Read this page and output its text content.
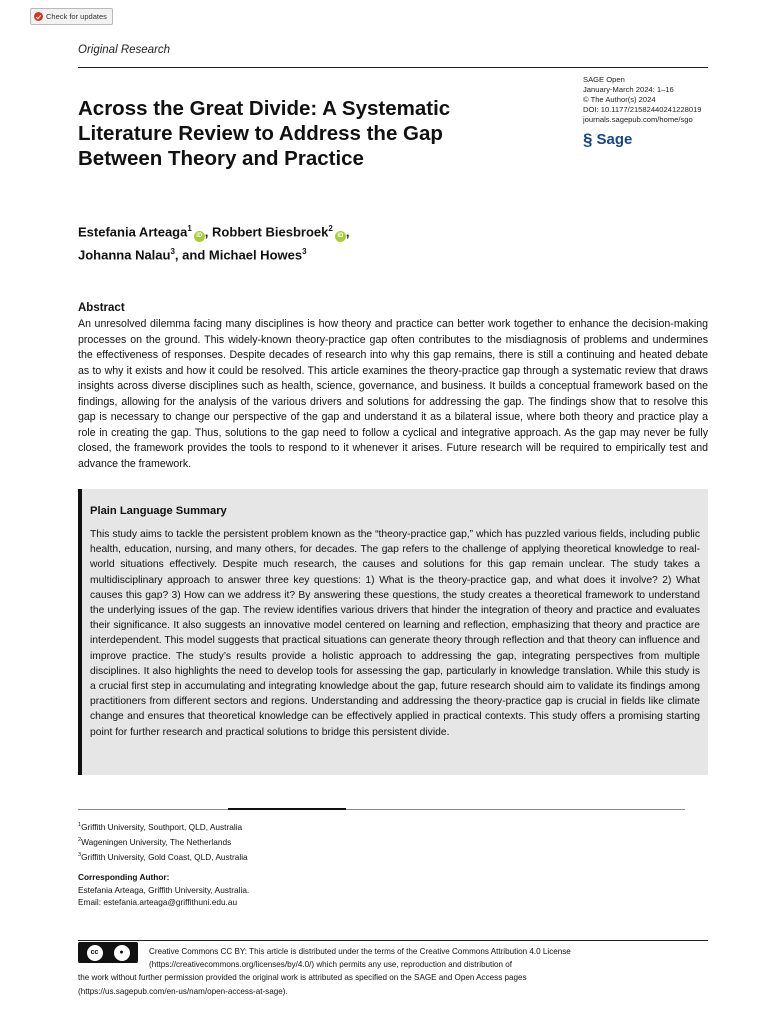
Check for updates
Original Research
SAGE Open
January-March 2024: 1–16
© The Author(s) 2024
DOI: 10.1177/21582440241228019
journals.sagepub.com/home/sgo
§ Sage
Across the Great Divide: A Systematic Literature Review to Address the Gap Between Theory and Practice
Estefania Arteaga$^1$iD , Robbert Biesbroek$^2$iD ,
Johanna Nalau$^3$, and Michael Howes$^3$
Abstract

An unresolved dilemma facing many disciplines is how theory and practice can better work together to enhance the decision-making processes on the ground. This widely-known theory-practice gap often contributes to the misdiagnosis of problems and undermines the effectiveness of responses. Despite decades of research into why this gap remains, there is still a continuing and heated debate as to why it exists and how it could be resolved. This article examines the theory-practice gap through a systematic review that draws insights across diverse disciplines such as health, science, governance, and business. It builds a conceptual framework based on the findings, allowing for the analysis of the various drivers and solutions for addressing the gap. The findings show that to resolve this gap is necessary to change our perspective of the gap and understand it as a bilateral issue, where both theory and practice play a role in creating the gap. Thus, solutions to the gap need to follow a cyclical and integrative approach. As the gap may never be fully closed, the framework provides the tools to respond to it whenever it arises. Future research will be required to empirically test and advance the framework.

Plain Language Summary

This study aims to tackle the persistent problem known as the “theory-practice gap,” which has puzzled various fields, including public health, education, nursing, and many others, for decades. The gap refers to the challenge of applying theoretical knowledge to real-world situations effectively. Despite much research, the causes and solutions for this gap remain unclear. The study takes a multidisciplinary approach to answer three key questions: 1) What is the theory-practice gap, and what does it involve? 2) What causes this gap? 3) How can we address it? By answering these questions, the study creates a theoretical framework to understand the underlying issues of the gap. The review identifies various drivers that hinder the integration of theory and practice and evaluates their significance. It also suggests an innovative model centered on learning and reflection, emphasizing that theory and practice are interdependent. This model suggests that practical situations can generate theory through reflection and that theory can influence and improve practice. The study’s results provide a holistic approach to addressing the gap, integrating perspectives from multiple disciplines. It also highlights the need to develop tools for assessing the gap, particularly in knowledge translation. While this study is a crucial first step in accumulating and integrating knowledge about the gap, future research should aim to validate its findings among practitioners from different sectors and regions. Understanding and addressing the theory-practice gap is crucial in fields like climate change and ensures that theoretical knowledge can be effectively applied in practical contexts. This study offers a promising starting point for further research and practical solutions to bridge this persistent divide.

$^1$Griffith University, Southport, QLD, Australia
$^2$Wageningen University, The Netherlands
$^3$Griffith University, Gold Coast, QLD, Australia
Corresponding Author:
Estefania Arteaga, Griffith University, Australia.
Email: estefania.arteaga@griffithuni.edu.au
cc	●
BY
Creative Commons CC BY: This article is distributed under the terms of the Creative Commons Attribution 4.0 License
(https://creativecommons.org/licenses/by/4.0/) which permits any use, reproduction and distribution of
the work without further permission provided the original work is attributed as specified on the SAGE and Open Access pages
(https://us.sagepub.com/en-us/nam/open-access-at-sage).
